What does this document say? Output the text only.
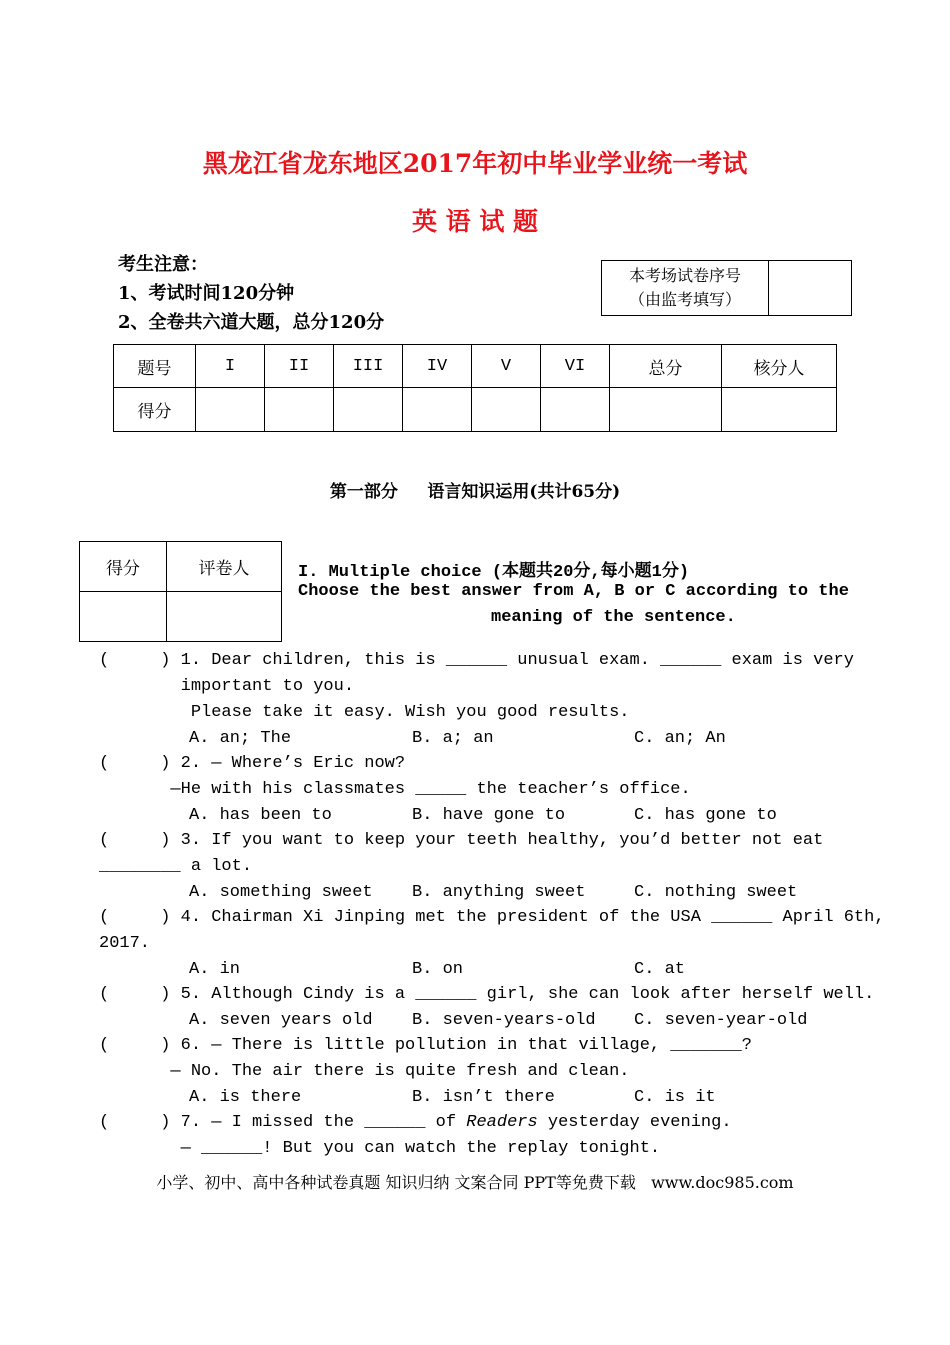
黑龙江省龙东地区2017年初中毕业学业统一考试
英 语 试 题
考生注意：
1、考试时间120分钟
2、全卷共六道大题，总分120分
本考场试卷序号
（由监考填写）

题号	I	II	III	IV	V	VI	总分	核分人
得分								
第一部分     语言知识运用(共计65分)
得分	评卷人
		I. Multiple choice (本题共20分,每小题1分)
Choose the best answer from A, B or C according to the
meaning of the sentence.
(     ) 1. Dear children, this is ______ unusual exam. ______ exam is very
important to you.
Please take it easy. Wish you good results.
A. an; The	B. a; an	C. an; An
(     ) 2. — Where’s Eric now?
—He with his classmates _____ the teacher’s office.
A. has been to	B. have gone to	C. has gone to
(     ) 3. If you want to keep your teeth healthy, you’d better not eat
________ a lot.
A. something sweet B. anything sweet	C. nothing sweet
(     ) 4. Chairman Xi Jinping met the president of the USA ______ April 6th,
2017.
A. in	B. on	C. at
(     ) 5. Although Cindy is a ______ girl, she can look after herself well.
A. seven years old B. seven-years-old C. seven-year-old
(     ) 6. — There is little pollution in that village, _______?
— No. The air there is quite fresh and clean.
A. is there	B. isn’t there	C. is it
(     ) 7. — I missed the ______ of Readers yesterday evening.
— ______! But you can watch the replay tonight.
小学、初中、高中各种试卷真题 知识归纳 文案合同 PPT等免费下载   www.doc985.com
